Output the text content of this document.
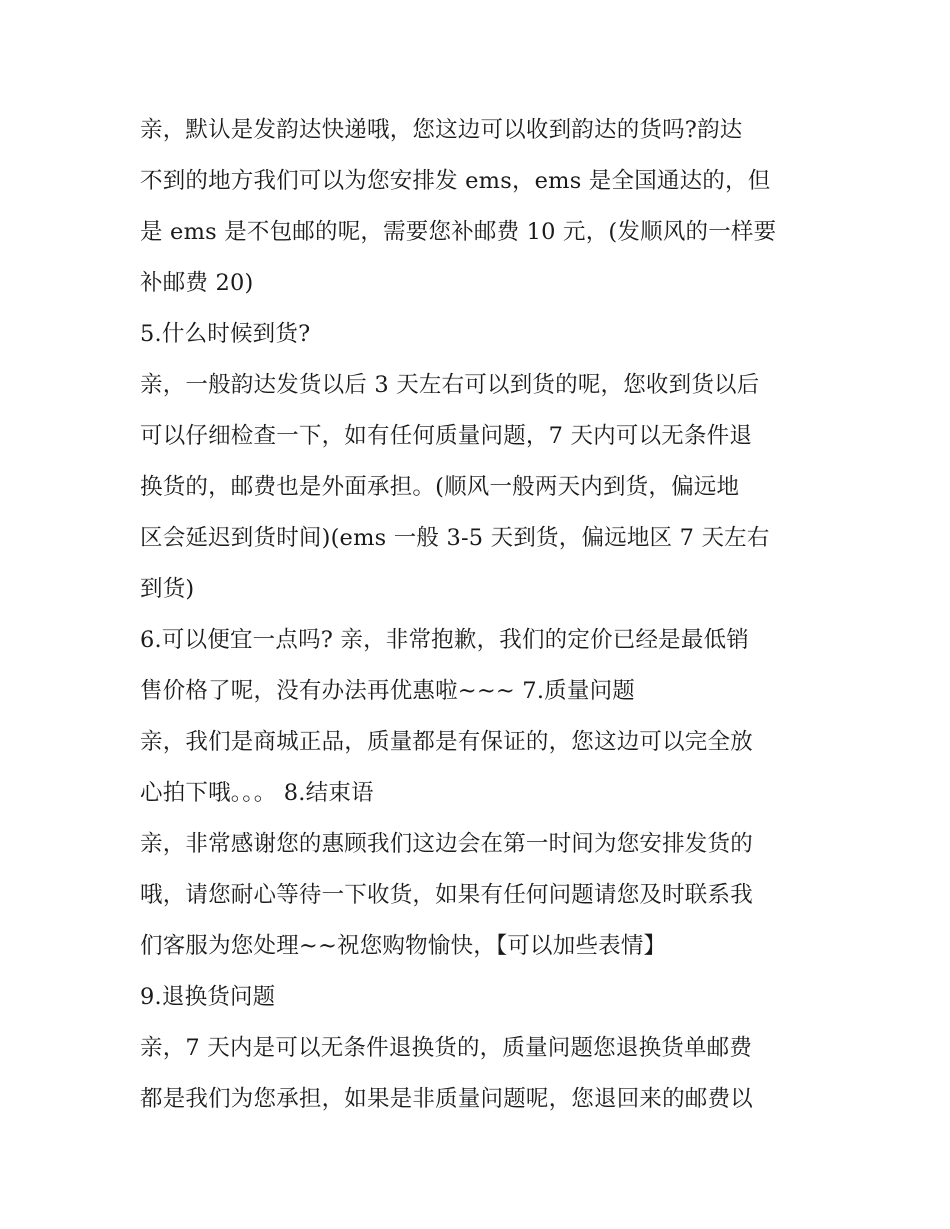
亲，默认是发韵达快递哦，您这边可以收到韵达的货吗?韵达
不到的地方我们可以为您安排发 ems，ems 是全国通达的，但
是 ems 是不包邮的呢，需要您补邮费 10 元，(发顺风的一样要
补邮费 20)
5.什么时候到货?
亲，一般韵达发货以后 3 天左右可以到货的呢，您收到货以后
可以仔细检查一下，如有任何质量问题，7 天内可以无条件退
换货的，邮费也是外面承担。(顺风一般两天内到货，偏远地
区会延迟到货时间)(ems 一般 3-5 天到货，偏远地区 7 天左右
到货)
6.可以便宜一点吗? 亲，非常抱歉，我们的定价已经是最低销
售价格了呢，没有办法再优惠啦~~~ 7.质量问题
亲，我们是商城正品，质量都是有保证的，您这边可以完全放
心拍下哦。。。 8.结束语
亲，非常感谢您的惠顾我们这边会在第一时间为您安排发货的
哦，请您耐心等待一下收货，如果有任何问题请您及时联系我
们客服为您处理~~祝您购物愉快，【可以加些表情】
9.退换货问题
亲，7 天内是可以无条件退换货的，质量问题您退换货单邮费
都是我们为您承担，如果是非质量问题呢，您退回来的邮费以
